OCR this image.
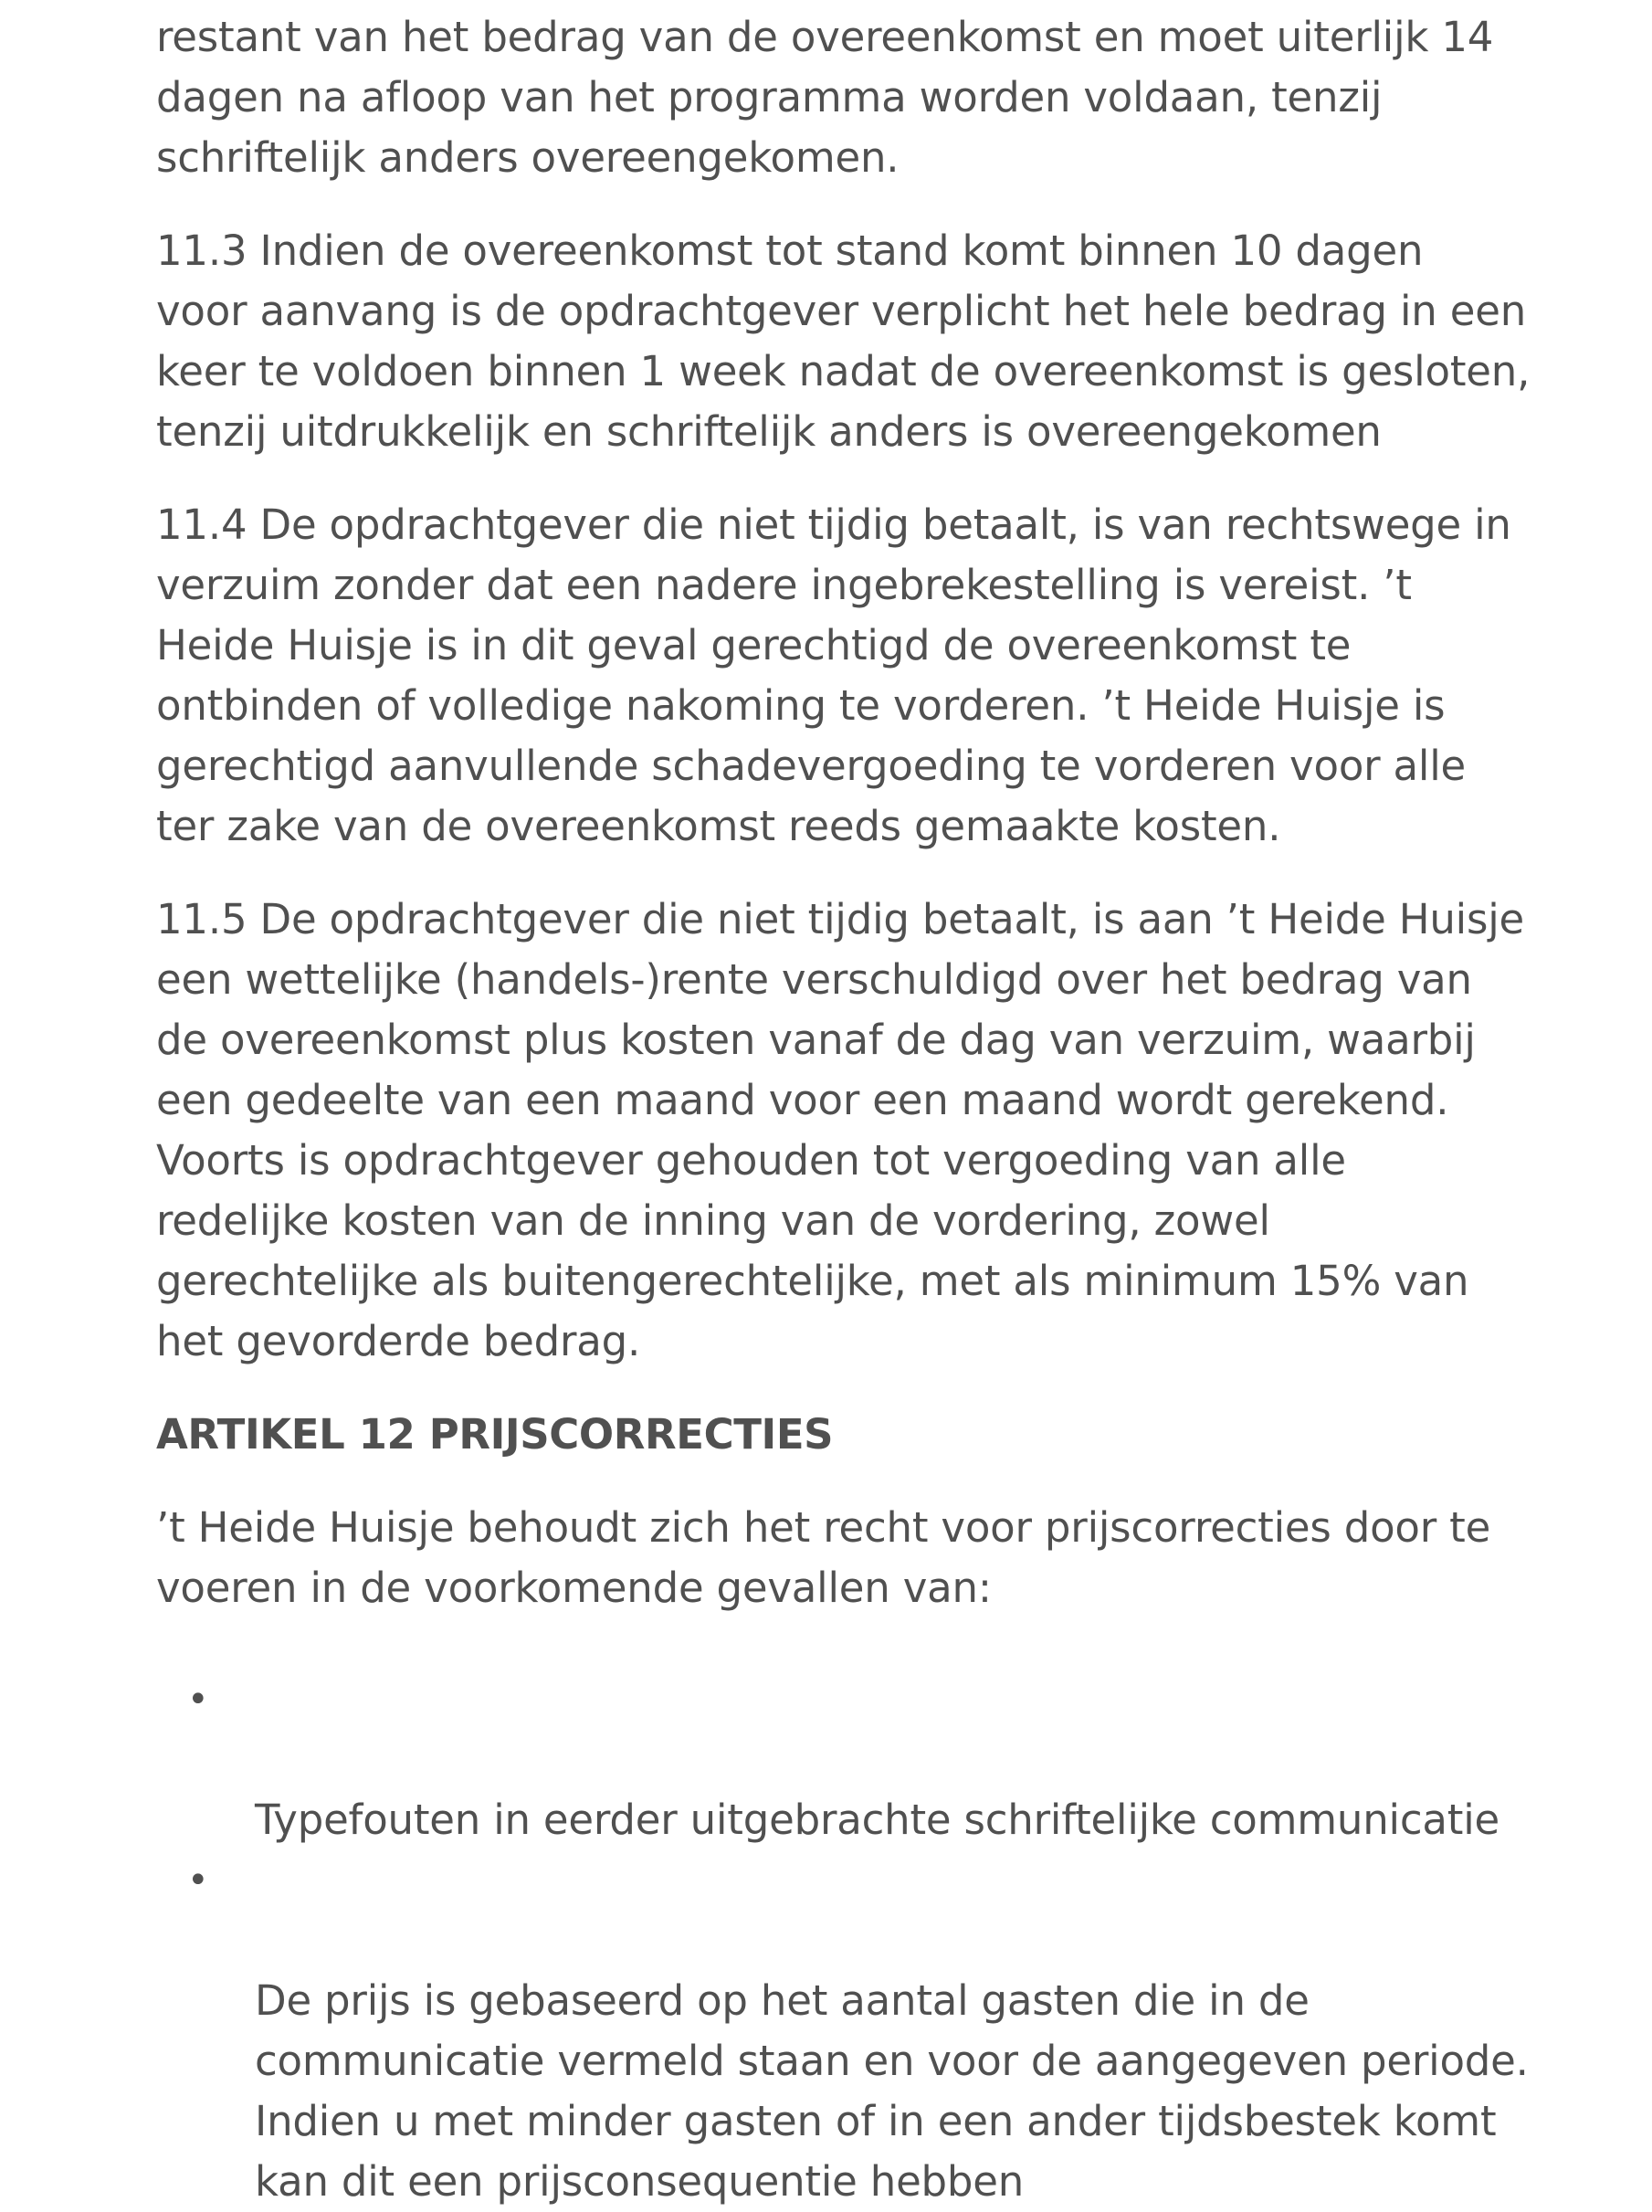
restant van het bedrag van de overeenkomst en moet uiterlijk 14
dagen na afloop van het programma worden voldaan, tenzij
schriftelijk anders overeengekomen.

11.3 Indien de overeenkomst tot stand komt binnen 10 dagen
voor aanvang is de opdrachtgever verplicht het hele bedrag in een
keer te voldoen binnen 1 week nadat de overeenkomst is gesloten,
tenzij uitdrukkelijk en schriftelijk anders is overeengekomen

11.4 De opdrachtgever die niet tijdig betaalt, is van rechtswege in
verzuim zonder dat een nadere ingebrekestelling is vereist. ’t
Heide Huisje is in dit geval gerechtigd de overeenkomst te
ontbinden of volledige nakoming te vorderen. ’t Heide Huisje is
gerechtigd aanvullende schadevergoeding te vorderen voor alle
ter zake van de overeenkomst reeds gemaakte kosten.

11.5 De opdrachtgever die niet tijdig betaalt, is aan ’t Heide Huisje
een wettelijke (handels-)rente verschuldigd over het bedrag van
de overeenkomst plus kosten vanaf de dag van verzuim, waarbij
een gedeelte van een maand voor een maand wordt gerekend.
Voorts is opdrachtgever gehouden tot vergoeding van alle
redelijke kosten van de inning van de vordering, zowel
gerechtelijke als buitengerechtelijke, met als minimum 15% van
het gevorderde bedrag.

ARTIKEL 12 PRIJSCORRECTIES

’t Heide Huisje behoudt zich het recht voor prijscorrecties door te
voeren in de voorkomende gevallen van:

•

Typefouten in eerder uitgebrachte schriftelijke communicatie

•

De prijs is gebaseerd op het aantal gasten die in de
communicatie vermeld staan en voor de aangegeven periode.
Indien u met minder gasten of in een ander tijdsbestek komt
kan dit een prijsconsequentie hebben
